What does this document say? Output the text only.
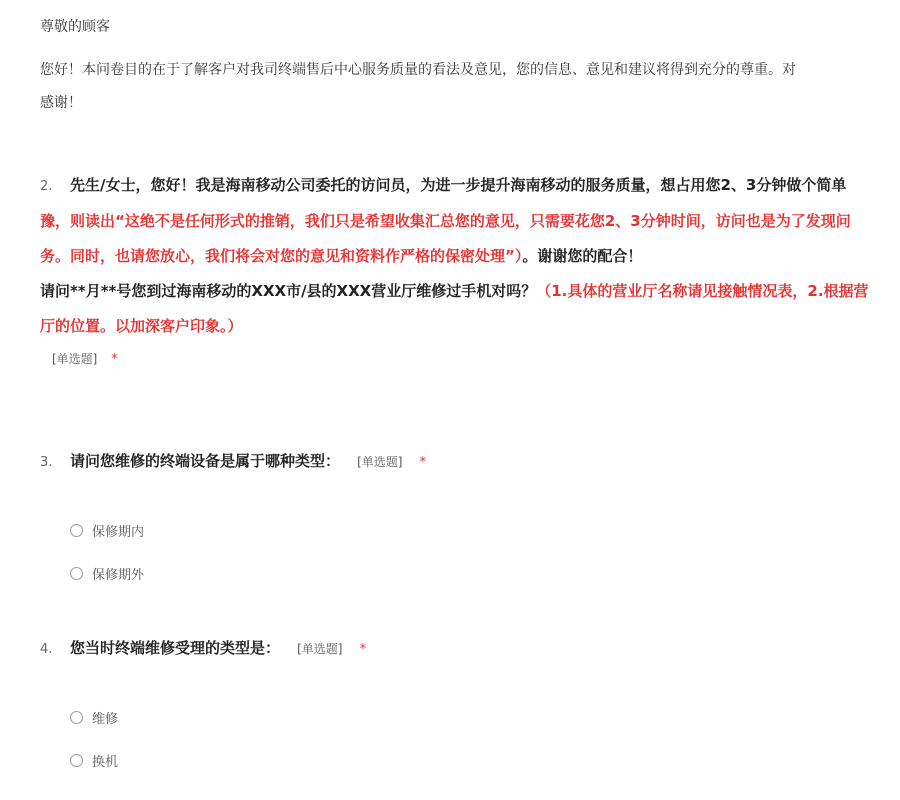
尊敬的顾客
您好！本问卷目的在于了解客户对我司终端售后中心服务质量的看法及意见，您的信息、意见和建议将得到充分的尊重。对
感谢！
2. 先生/女士，您好！我是海南移动公司委托的访问员，为进一步提升海南移动的服务质量，想占用您2、3分钟做个简单
豫，则读出“这绝不是任何形式的推销，我们只是希望收集汇总您的意见，只需要花您2、3分钟时间，访问也是为了发现问
务。同时，也请您放心，我们将会对您的意见和资料作严格的保密处理”）。谢谢您的配合！
请问**月**号您到过海南移动的XXX市/县的XXX营业厅维修过手机对吗？（1.具体的营业厅名称请见接触情况表，2.根据营
厅的位置。以加深客户印象。）
[单选题] *
3. 请问您维修的终端设备是属于哪种类型： [单选题] *
保修期内
保修期外
4. 您当时终端维修受理的类型是： [单选题] *
维修
换机
